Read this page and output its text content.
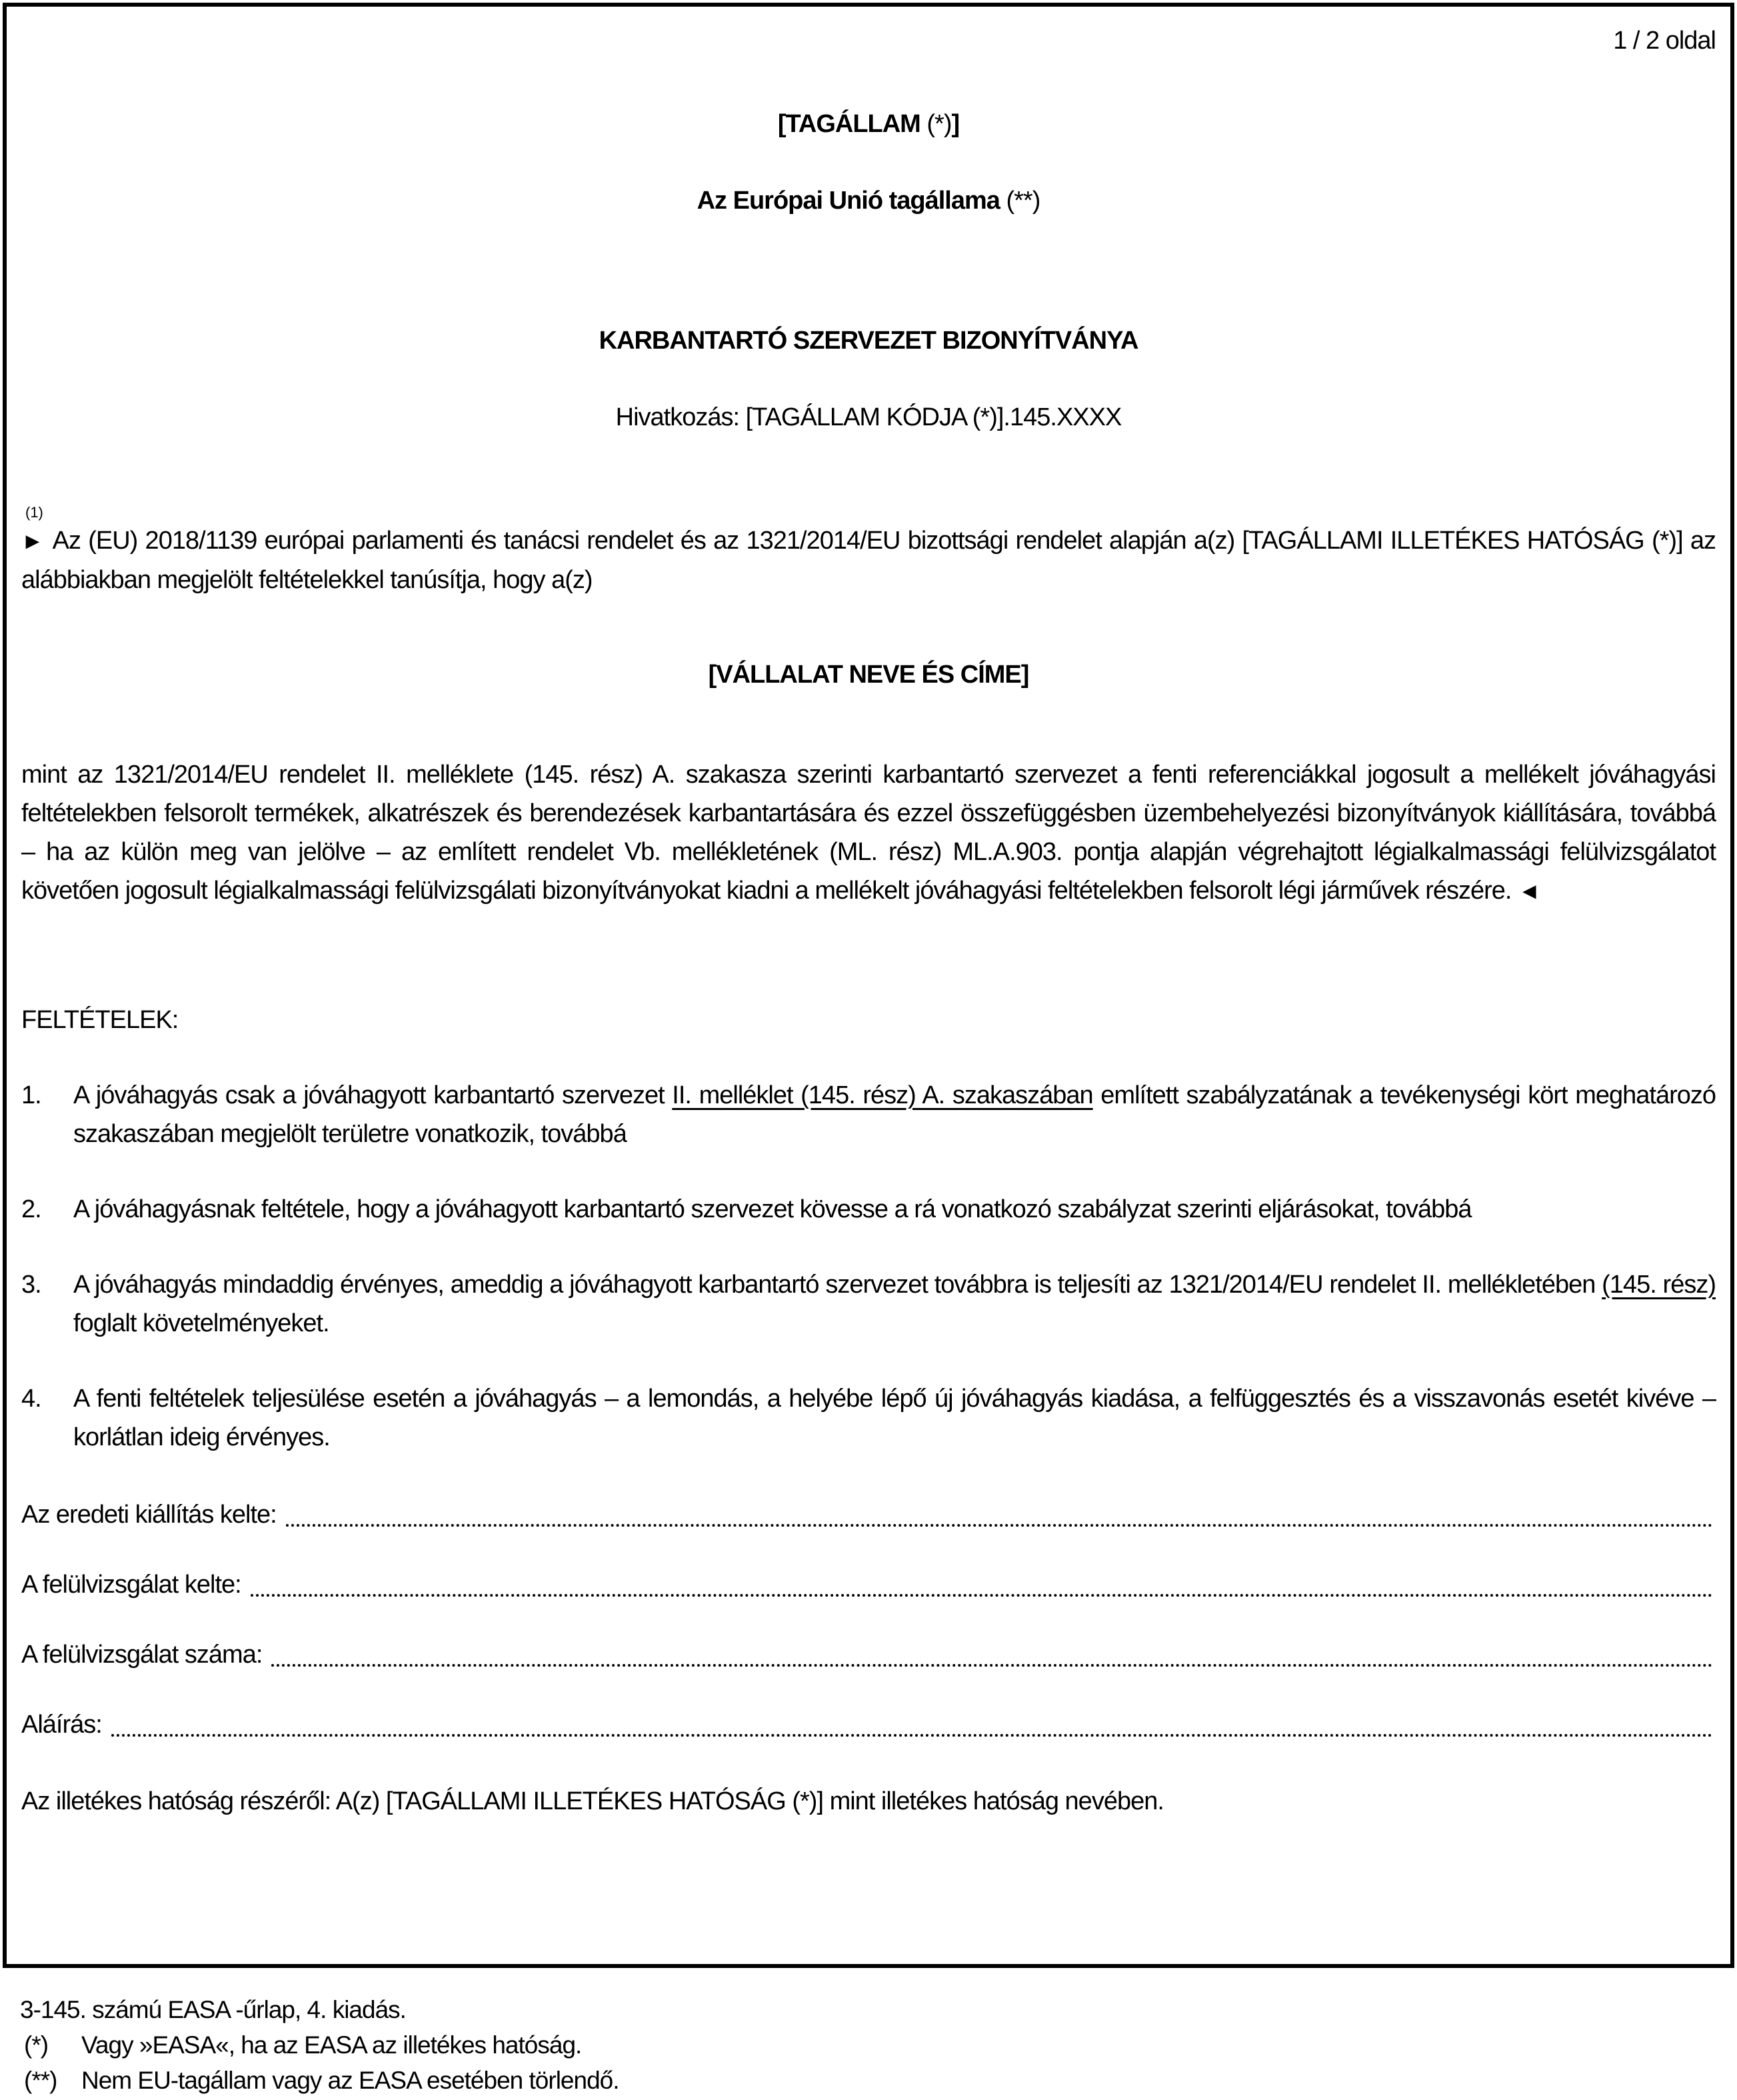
1 / 2 oldal
[TAGÁLLAM (*)]
Az Európai Unió tagállama (**)
KARBANTARTÓ SZERVEZET BIZONYÍTVÁNYA
Hivatkozás: [TAGÁLLAM KÓDJA (*)].145.XXXX
(1)
► Az (EU) 2018/1139 európai parlamenti és tanácsi rendelet és az 1321/2014/EU bizottsági rendelet alapján a(z) [TAGÁLLAMI ILLETÉKES HATÓSÁG (*)] az alábbiakban megjelölt feltételekkel tanúsítja, hogy a(z)
[VÁLLALAT NEVE ÉS CÍME]
mint az 1321/2014/EU rendelet II. melléklete (145. rész) A. szakasza szerinti karbantartó szervezet a fenti referenciákkal jogosult a mellékelt jóváhagyási feltételekben felsorolt termékek, alkatrészek és berendezések karbantartására és ezzel összefüggésben üzembehelyezési bizonyítványok kiállítására, továbbá – ha az külön meg van jelölve – az említett rendelet Vb. mellékletének (ML. rész) ML.A.903. pontja alapján végrehajtott légialkalmassági felülvizsgálatot követően jogosult légialkalmassági felülvizsgálati bizonyítványokat kiadni a mellékelt jóváhagyási feltételekben felsorolt légi járművek részére. ◄
FELTÉTELEK:
1.	A jóváhagyás csak a jóváhagyott karbantartó szervezet II. melléklet (145. rész) A. szakaszában említett szabályzatának a tevékenységi kört meghatározó szakaszában megjelölt területre vonatkozik, továbbá
2.	A jóváhagyásnak feltétele, hogy a jóváhagyott karbantartó szervezet kövesse a rá vonatkozó szabályzat szerinti eljárásokat, továbbá
3.	A jóváhagyás mindaddig érvényes, ameddig a jóváhagyott karbantartó szervezet továbbra is teljesíti az 1321/2014/EU rendelet II. mellékletében (145. rész) foglalt követelményeket.
4.	A fenti feltételek teljesülése esetén a jóváhagyás – a lemondás, a helyébe lépő új jóváhagyás kiadása, a felfüggesztés és a visszavonás esetét kivéve – korlátlan ideig érvényes.
Az eredeti kiállítás kelte:
A felülvizsgálat kelte:
A felülvizsgálat száma:
Aláírás:
Az illetékes hatóság részéről: A(z) [TAGÁLLAMI ILLETÉKES HATÓSÁG (*)] mint illetékes hatóság nevében.
3-145. számú EASA -űrlap, 4. kiadás.
(*)	Vagy »EASA«, ha az EASA az illetékes hatóság.
(**) Nem EU-tagállam vagy az EASA esetében törlendő.
